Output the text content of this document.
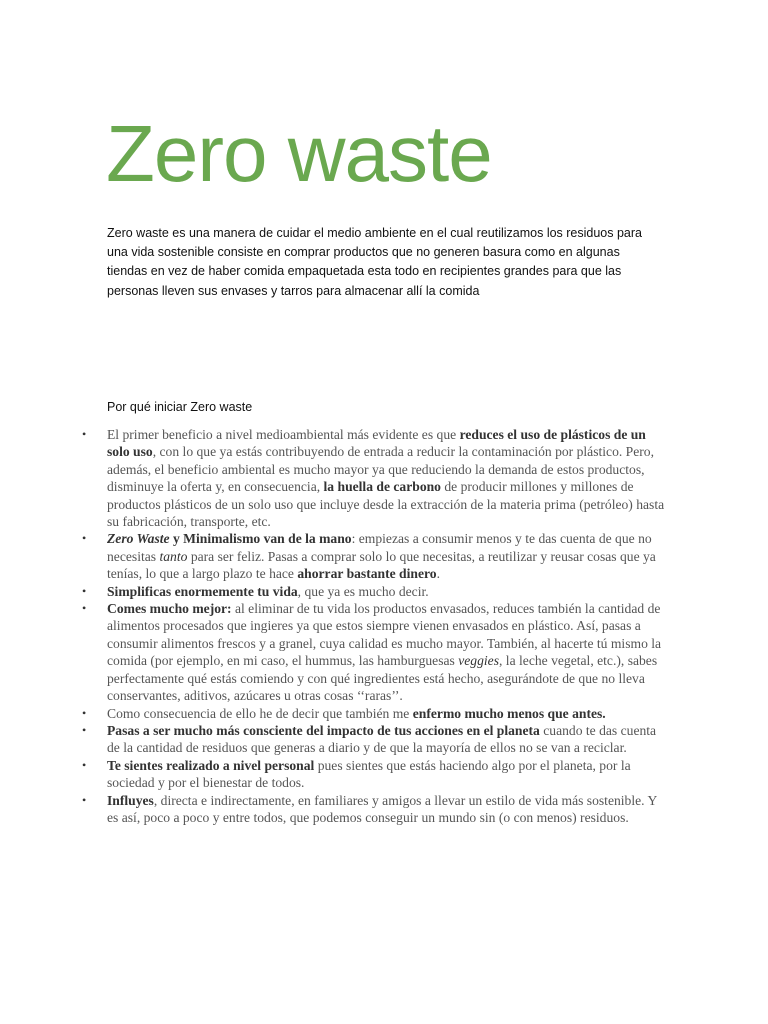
Zero waste

Zero waste es una manera de cuidar el medio ambiente en el cual reutilizamos los residuos para una vida sostenible consiste en comprar productos que no generen basura como en algunas tiendas en vez de haber comida empaquetada esta todo en recipientes grandes para que las personas lleven sus envases y tarros para almacenar allí la comida

Por qué iniciar Zero waste

• El primer beneficio a nivel medioambiental más evidente es que reduces el uso de plásticos de un solo uso, con lo que ya estás contribuyendo de entrada a reducir la contaminación por plástico. Pero, además, el beneficio ambiental es mucho mayor ya que reduciendo la demanda de estos productos, disminuye la oferta y, en consecuencia, la huella de carbono de producir millones y millones de productos plásticos de un solo uso que incluye desde la extracción de la materia prima (petróleo) hasta su fabricación, transporte, etc.
• Zero Waste y Minimalismo van de la mano: empiezas a consumir menos y te das cuenta de que no necesitas tanto para ser feliz. Pasas a comprar solo lo que necesitas, a reutilizar y reusar cosas que ya tenías, lo que a largo plazo te hace ahorrar bastante dinero.
• Simplificas enormemente tu vida, que ya es mucho decir.
• Comes mucho mejor: al eliminar de tu vida los productos envasados, reduces también la cantidad de alimentos procesados que ingieres ya que estos siempre vienen envasados en plástico. Así, pasas a consumir alimentos frescos y a granel, cuya calidad es mucho mayor. También, al hacerte tú mismo la comida (por ejemplo, en mi caso, el hummus, las hamburguesas veggies, la leche vegetal, etc.), sabes perfectamente qué estás comiendo y con qué ingredientes está hecho, asegurándote de que no lleva conservantes, aditivos, azúcares u otras cosas ‘‘raras’’.
• Como consecuencia de ello he de decir que también me enfermo mucho menos que antes.
• Pasas a ser mucho más consciente del impacto de tus acciones en el planeta cuando te das cuenta de la cantidad de residuos que generas a diario y de que la mayoría de ellos no se van a reciclar.
• Te sientes realizado a nivel personal pues sientes que estás haciendo algo por el planeta, por la sociedad y por el bienestar de todos.
• Influyes, directa e indirectamente, en familiares y amigos a llevar un estilo de vida más sostenible. Y es así, poco a poco y entre todos, que podemos conseguir un mundo sin (o con menos) residuos.
